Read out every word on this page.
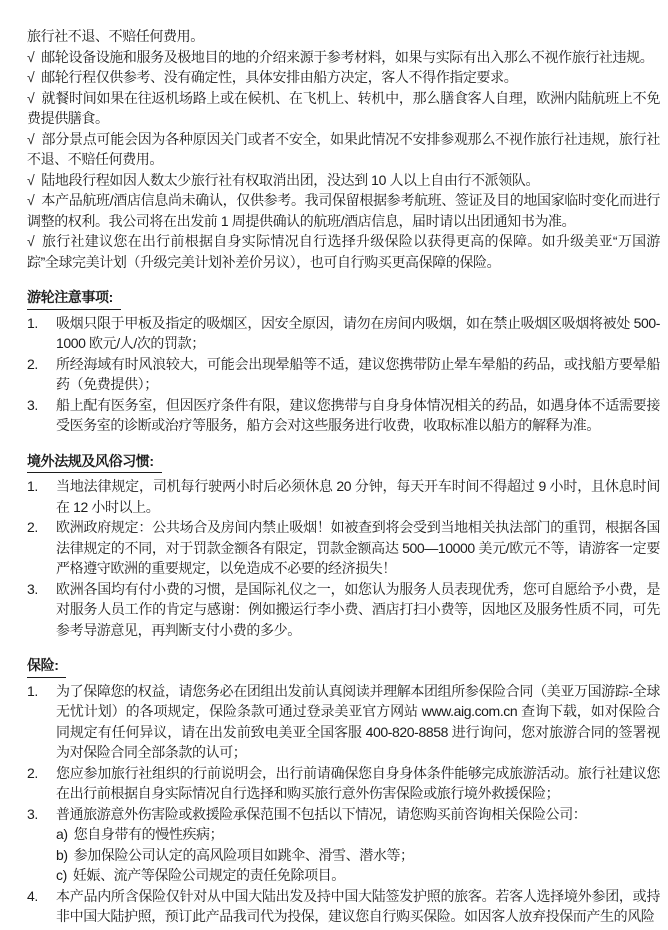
旅行社不退、不赔任何费用。

√ 邮轮设备设施和服务及极地目的地的介绍来源于参考材料，如果与实际有出入那么不视作旅行社违规。

√ 邮轮行程仅供参考、没有确定性，具体安排由船方决定，客人不得作指定要求。

√ 就餐时间如果在往返机场路上或在候机、在飞机上、转机中，那么膳食客人自理，欧洲内陆航班上不免费提供膳食。

√ 部分景点可能会因为各种原因关门或者不安全，如果此情况不安排参观那么不视作旅行社违规，旅行社不退、不赔任何费用。

√ 陆地段行程如因人数太少旅行社有权取消出团，没达到 10 人以上自由行不派领队。

√ 本产品航班/酒店信息尚未确认，仅供参考。我司保留根据参考航班、签证及目的地国家临时变化而进行调整的权利。我公司将在出发前 1 周提供确认的航班/酒店信息，届时请以出团通知书为准。

√ 旅行社建议您在出行前根据自身实际情况自行选择升级保险以获得更高的保障。如升级美亚“万国游踪”全球完美计划（升级完美计划补差价另议），也可自行购买更高保障的保险。

游轮注意事项:
1. 吸烟只限于甲板及指定的吸烟区，因安全原因，请勿在房间内吸烟，如在禁止吸烟区吸烟将被处 500-1000 欧元/人/次的罚款；
2. 所经海域有时风浪较大，可能会出现晕船等不适，建议您携带防止晕车晕船的药品，或找船方要晕船药（免费提供）；
3. 船上配有医务室，但因医疗条件有限，建议您携带与自身身体情况相关的药品，如遇身体不适需要接受医务室的诊断或治疗等服务，船方会对这些服务进行收费，收取标准以船方的解释为准。
境外法规及风俗习惯:
1. 当地法律规定，司机每行驶两小时后必须休息 20 分钟，每天开车时间不得超过 9 小时，且休息时间在 12 小时以上。
2. 欧洲政府规定：公共场合及房间内禁止吸烟！如被查到将会受到当地相关执法部门的重罚，根据各国法律规定的不同，对于罚款金额各有限定，罚款金额高达 500—10000 美元/欧元不等，请游客一定要严格遵守欧洲的重要规定，以免造成不必要的经济损失！
3. 欧洲各国均有付小费的习惯，是国际礼仪之一，如您认为服务人员表现优秀，您可自愿给予小费，是对服务人员工作的肯定与感谢：例如搬运行李小费、酒店打扫小费等，因地区及服务性质不同，可先参考导游意见，再判断支付小费的多少。
保险:
1. 为了保障您的权益，请您务必在团组出发前认真阅读并理解本团组所参保险合同（美亚万国游踪-全球无忧计划）的各项规定，保险条款可通过登录美亚官方网站 www.aig.com.cn 查询下载，如对保险合同规定有任何异议，请在出发前致电美亚全国客服 400-820-8858 进行询问，您对旅游合同的签署视为对保险合同全部条款的认可；
2. 您应参加旅行社组织的行前说明会，出行前请确保您自身身体条件能够完成旅游活动。旅行社建议您在出行前根据自身实际情况自行选择和购买旅行意外伤害保险或旅行境外救援保险；
3. 普通旅游意外伤害险或救援险承保范围不包括以下情况，请您购买前咨询相关保险公司：

a) 您自身带有的慢性疾病；

b) 参加保险公司认定的高风险项目如跳伞、滑雪、潜水等；

c) 妊娠、流产等保险公司规定的责任免除项目。

4. 本产品内所含保险仅针对从中国大陆出发及持中国大陆签发护照的旅客。若客人选择境外参团，或持非中国大陆护照，预订此产品我司代为投保，建议您自行购买保险。如因客人放弃投保而产生的风险
